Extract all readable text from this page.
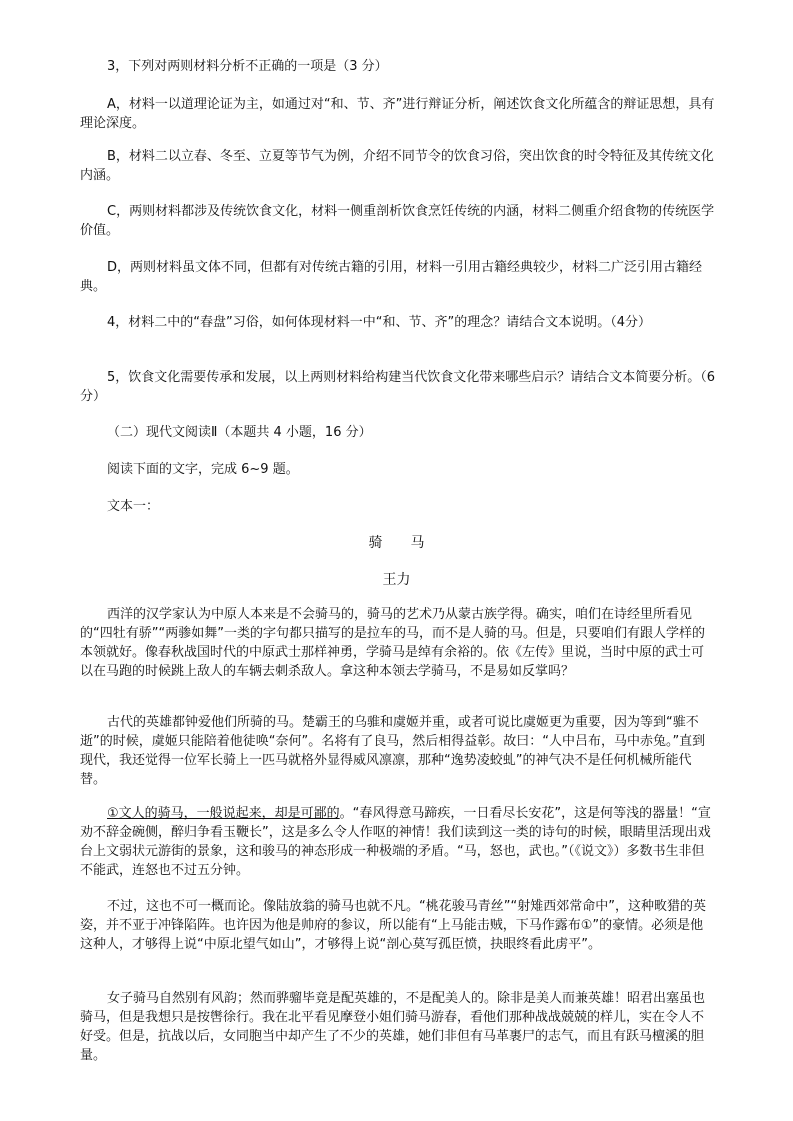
3，下列对两则材料分析不正确的一项是（3 分）

A，材料一以道理论证为主，如通过对“和、节、齐”进行辩证分析，阐述饮食文化所蕴含的辩证思想，具有理论深度。

B，材料二以立春、冬至、立夏等节气为例，介绍不同节令的饮食习俗，突出饮食的时令特征及其传统文化内涵。

C，两则材料都涉及传统饮食文化，材料一侧重剖析饮食烹饪传统的内涵，材料二侧重介绍食物的传统医学价值。

D，两则材料虽文体不同，但都有对传统古籍的引用，材料一引用古籍经典较少，材料二广泛引用古籍经典。

4，材料二中的“春盘”习俗，如何体现材料一中“和、节、齐”的理念？请结合文本说明。（4分）

5，饮食文化需要传承和发展，以上两则材料给构建当代饮食文化带来哪些启示？请结合文本简要分析。（6 分）

（二）现代文阅读Ⅱ（本题共 4 小题，16 分）

阅读下面的文字，完成 6~9 题。

文本一：

骑　　马

王力

西洋的汉学家认为中原人本来是不会骑马的，骑马的艺术乃从蒙古族学得。确实，咱们在诗经里所看见的“四牡有骄”“两骖如舞”一类的字句都只描写的是拉车的马，而不是人骑的马。但是，只要咱们有跟人学样的本领就好。像春秋战国时代的中原武士那样神勇，学骑马是绰有余裕的。依《左传》里说，当时中原的武士可以在马跑的时候跳上敌人的车辆去刺杀敌人。拿这种本领去学骑马，不是易如反掌吗？

古代的英雄都钟爱他们所骑的马。楚霸王的乌骓和虞姬并重，或者可说比虞姬更为重要，因为等到“骓不逝”的时候，虞姬只能陪着他徒唤“奈何”。名将有了良马，然后相得益彰。故曰：“人中吕布，马中赤兔。”直到现代，我还觉得一位军长骑上一匹马就格外显得威风凛凛，那种“逸势凌蛟虬”的神气决不是任何机械所能代替。

①文人的骑马，一般说起来，却是可鄙的。“春风得意马蹄疾，一日看尽长安花”，这是何等浅的器量！“宣劝不辞金碗侧，醉归争看玉鞭长”，这是多么令人作呕的神情！我们读到这一类的诗句的时候，眼睛里活现出戏台上文弱状元游街的景象，这和骏马的神态形成一种极端的矛盾。“马，怒也，武也。”（《说文》）多数书生非但不能武，连怒也不过五分钟。

不过，这也不可一概而论。像陆放翁的骑马也就不凡。“桃花骏马青丝”“射雉西郊常命中”，这种畋猎的英姿，并不亚于冲锋陷阵。也许因为他是帅府的参议，所以能有“上马能击贼，下马作露布①”的豪情。必须是他这种人，才够得上说“中原北望气如山”，才够得上说“剖心莫写孤臣愤，抉眼终看此虏平”。

女子骑马自然别有风韵；然而骅骝毕竟是配英雄的，不是配美人的。除非是美人而兼英雄！昭君出塞虽也骑马，但是我想只是按辔徐行。我在北平看见摩登小姐们骑马游春，看他们那种战战兢兢的样儿，实在令人不好受。但是，抗战以后，女同胞当中却产生了不少的英雄，她们非但有马革裹尸的志气，而且有跃马檀溪的胆量。
